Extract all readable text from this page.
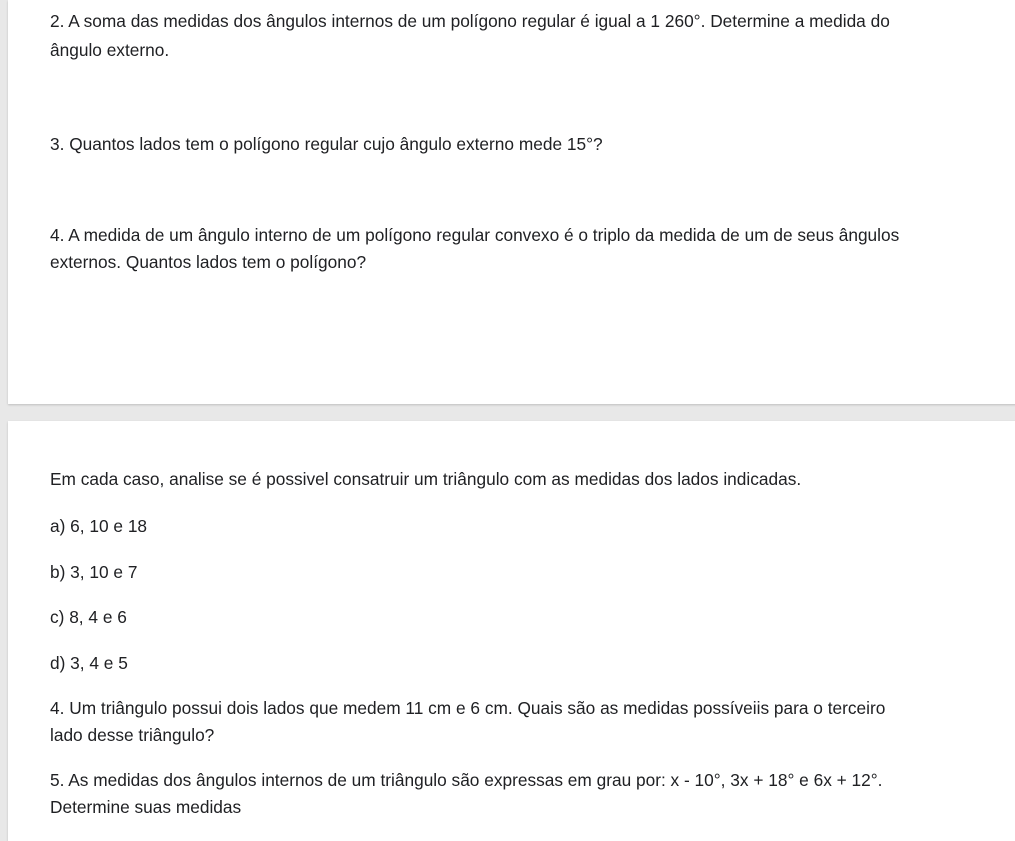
2. A soma das medidas dos ângulos internos de um polígono regular é igual a 1 260°. Determine a medida do

ângulo externo.

3. Quantos lados tem o polígono regular cujo ângulo externo mede 15°?

4. A medida de um ângulo interno de um polígono regular convexo é o triplo da medida de um de seus ângulos

externos. Quantos lados tem o polígono?

Em cada caso, analise se é possivel consatruir um triângulo com as medidas dos lados indicadas.

a) 6, 10 e 18

b) 3, 10 e 7

c) 8, 4 e 6

d) 3, 4 e 5

4. Um triângulo possui dois lados que medem 11 cm e 6 cm. Quais são as medidas possíveiis para o terceiro

lado desse triângulo?

5. As medidas dos ângulos internos de um triângulo são expressas em grau por: x - 10°, 3x + 18° e 6x + 12°.

Determine suas medidas
